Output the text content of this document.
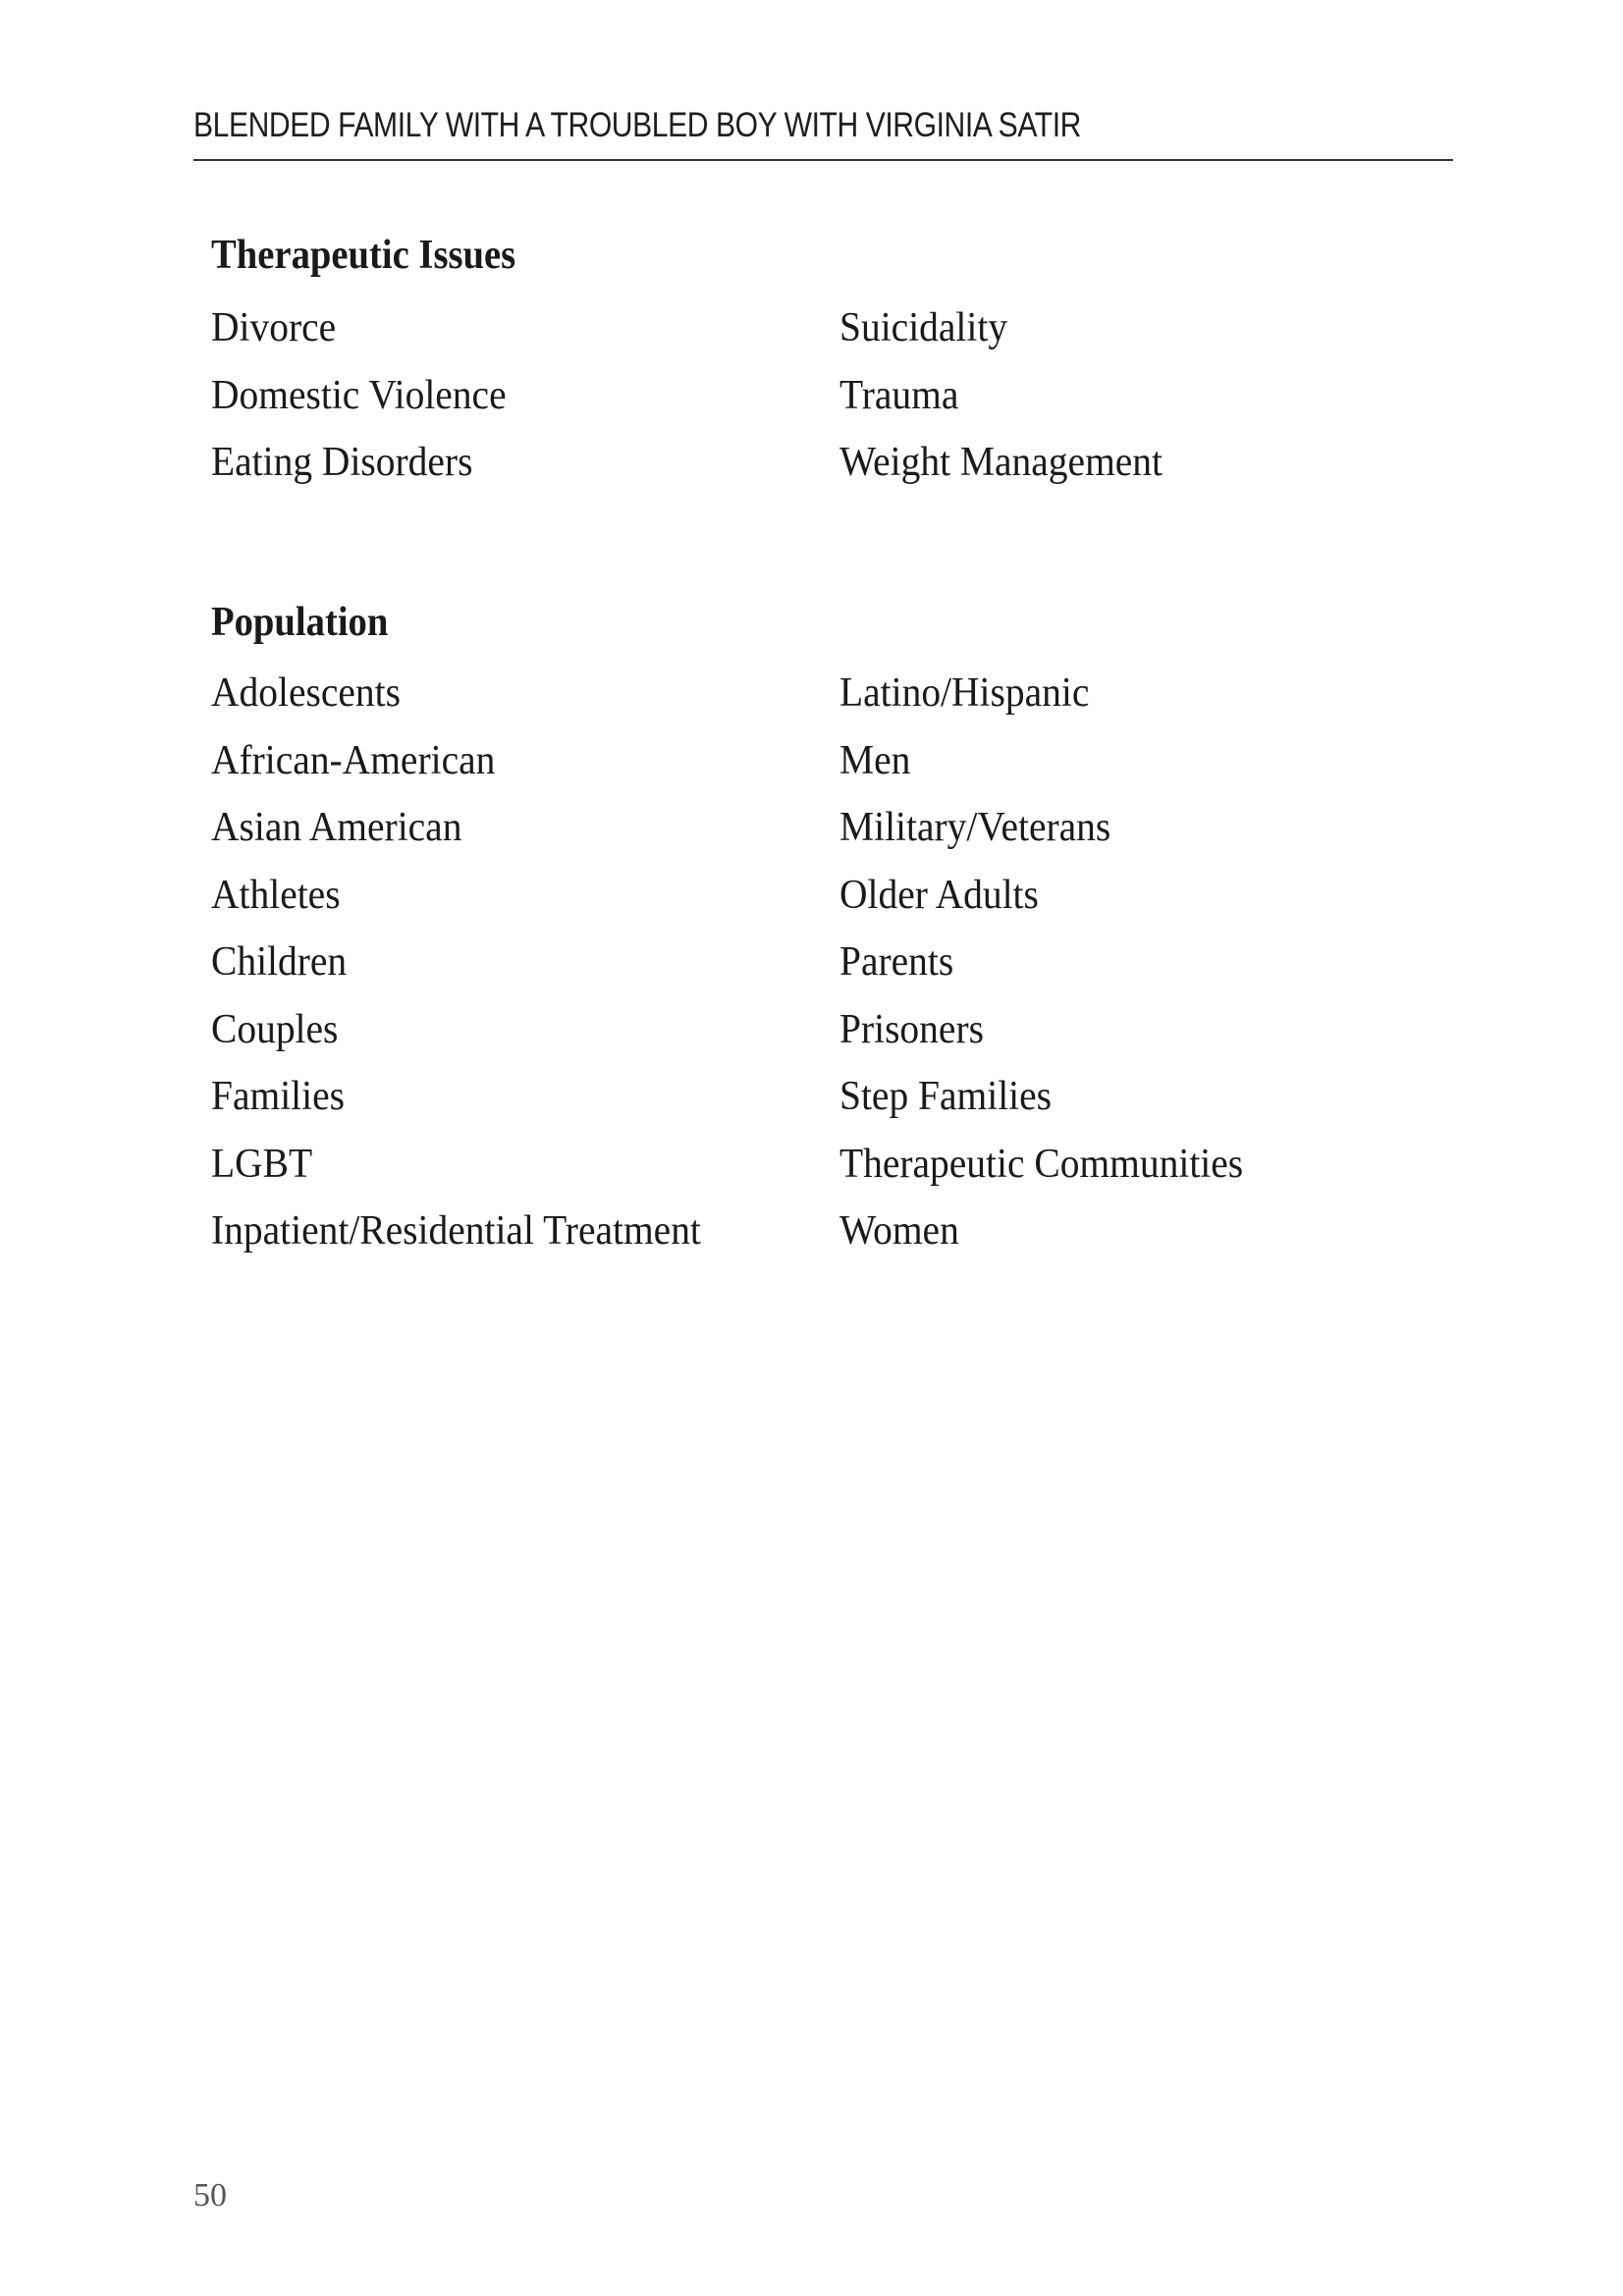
BLENDED FAMILY WITH A TROUBLED BOY WITH VIRGINIA SATIR
Therapeutic Issues
Divorce
Domestic Violence
Eating Disorders
Suicidality
Trauma
Weight Management
Population
Adolescents
African-American
Asian American
Athletes
Children
Couples
Families
LGBT
Inpatient/Residential Treatment
Latino/Hispanic
Men
Military/Veterans
Older Adults
Parents
Prisoners
Step Families
Therapeutic Communities
Women
50
